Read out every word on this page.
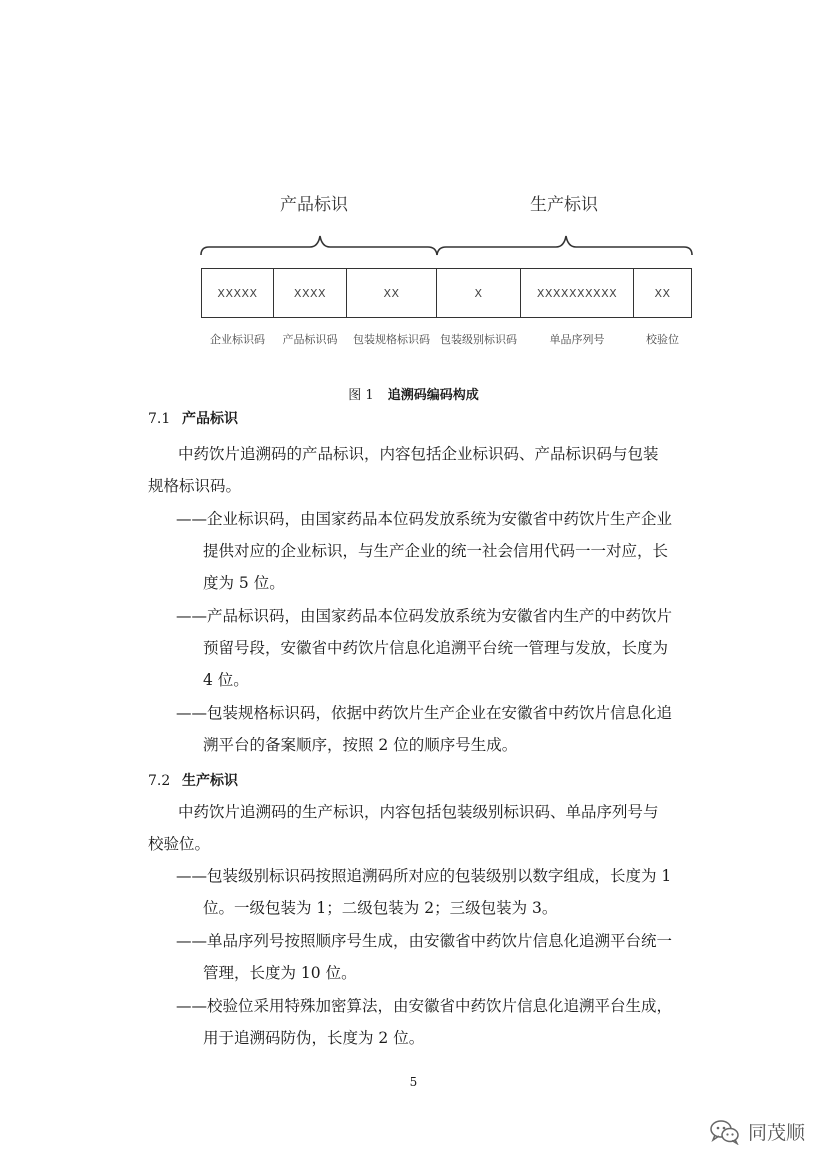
产品标识	生产标识
XXXXX	XXXX	XX	X	XXXXXXXXXX	XX
企业标识码	产品标识码	包装规格标识码 包装级别标识码	单品序列号	校验位
图 1 追溯码编码构成
7.1 产品标识
中药饮片追溯码的产品标识，内容包括企业标识码、产品标识码与包装
规格标识码。
——企业标识码，由国家药品本位码发放系统为安徽省中药饮片生产企业
提供对应的企业标识，与生产企业的统一社会信用代码一一对应，长
度为 5 位。
——产品标识码，由国家药品本位码发放系统为安徽省内生产的中药饮片
预留号段，安徽省中药饮片信息化追溯平台统一管理与发放，长度为
4 位。
——包装规格标识码，依据中药饮片生产企业在安徽省中药饮片信息化追
溯平台的备案顺序，按照 2 位的顺序号生成。
7.2 生产标识
中药饮片追溯码的生产标识，内容包括包装级别标识码、单品序列号与
校验位。
——包装级别标识码按照追溯码所对应的包装级别以数字组成，长度为 1
位。一级包装为 1；二级包装为 2；三级包装为 3。
——单品序列号按照顺序号生成，由安徽省中药饮片信息化追溯平台统一
管理，长度为 10 位。
——校验位采用特殊加密算法，由安徽省中药饮片信息化追溯平台生成，
用于追溯码防伪，长度为 2 位。
5
同茂顺
